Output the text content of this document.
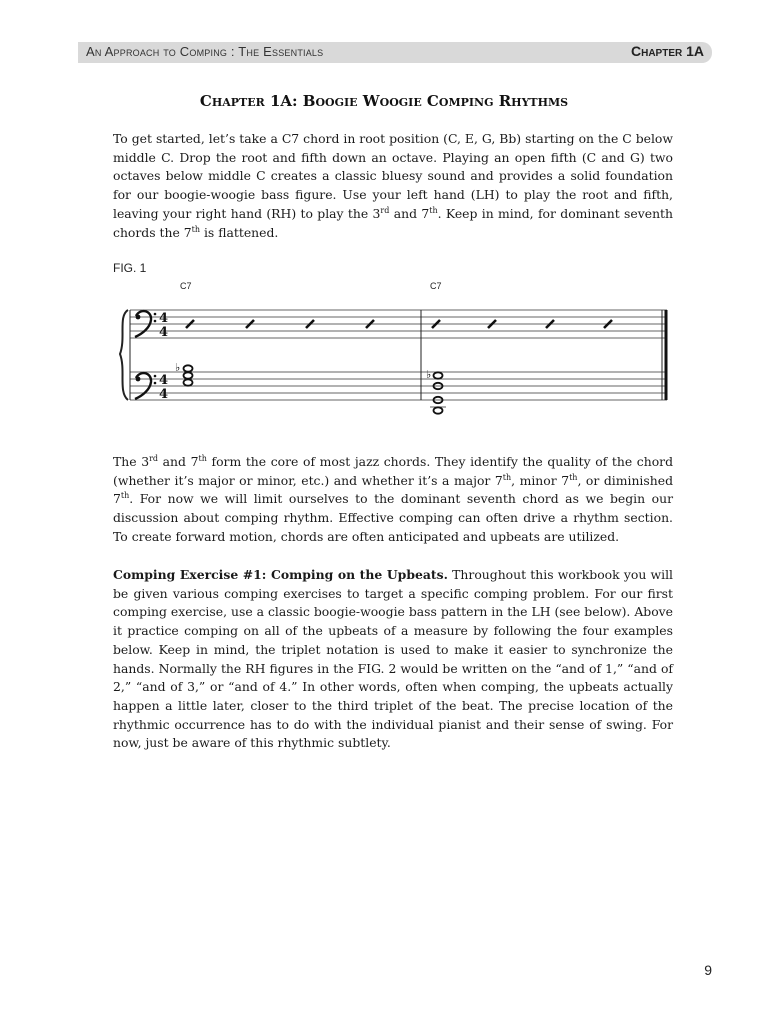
An Approach to Comping : The Essentials	Chapter 1A
Chapter 1A: Boogie Woogie Comping Rhythms

To get started, let’s take a C7 chord in root position (C, E, G, Bb) starting on the C below middle C. Drop the root and fifth down an octave. Playing an open fifth (C and G) two octaves below middle C creates a classic bluesy sound and provides a solid foundation for our boogie-woogie bass figure. Use your left hand (LH) to play the root and fifth, leaving your right hand (RH) to play the 3rd and 7th. Keep in mind, for dominant seventh chords the 7th is flattened.

FIG. 1
C7	C7
4
4
4
4
♭
♭

The 3rd and 7th form the core of most jazz chords. They identify the quality of the chord (whether it’s major or minor, etc.) and whether it’s a major 7th, minor 7th, or diminished 7th. For now we will limit ourselves to the dominant seventh chord as we begin our discussion about comping rhythm. Effective comping can often drive a rhythm section. To create forward motion, chords are often anticipated and upbeats are utilized.

Comping Exercise #1: Comping on the Upbeats. Throughout this workbook you will be given various comping exercises to target a specific comping problem. For our first comping exercise, use a classic boogie-woogie bass pattern in the LH (see below). Above it practice comping on all of the upbeats of a measure by following the four examples below. Keep in mind, the triplet notation is used to make it easier to synchronize the hands. Normally the RH figures in the FIG. 2 would be written on the “and of 1,” “and of 2,” “and of 3,” or “and of 4.” In other words, often when comping, the upbeats actually happen a little later, closer to the third triplet of the beat. The precise location of the rhythmic occurrence has to do with the individual pianist and their sense of swing. For now, just be aware of this rhythmic subtlety.

9
